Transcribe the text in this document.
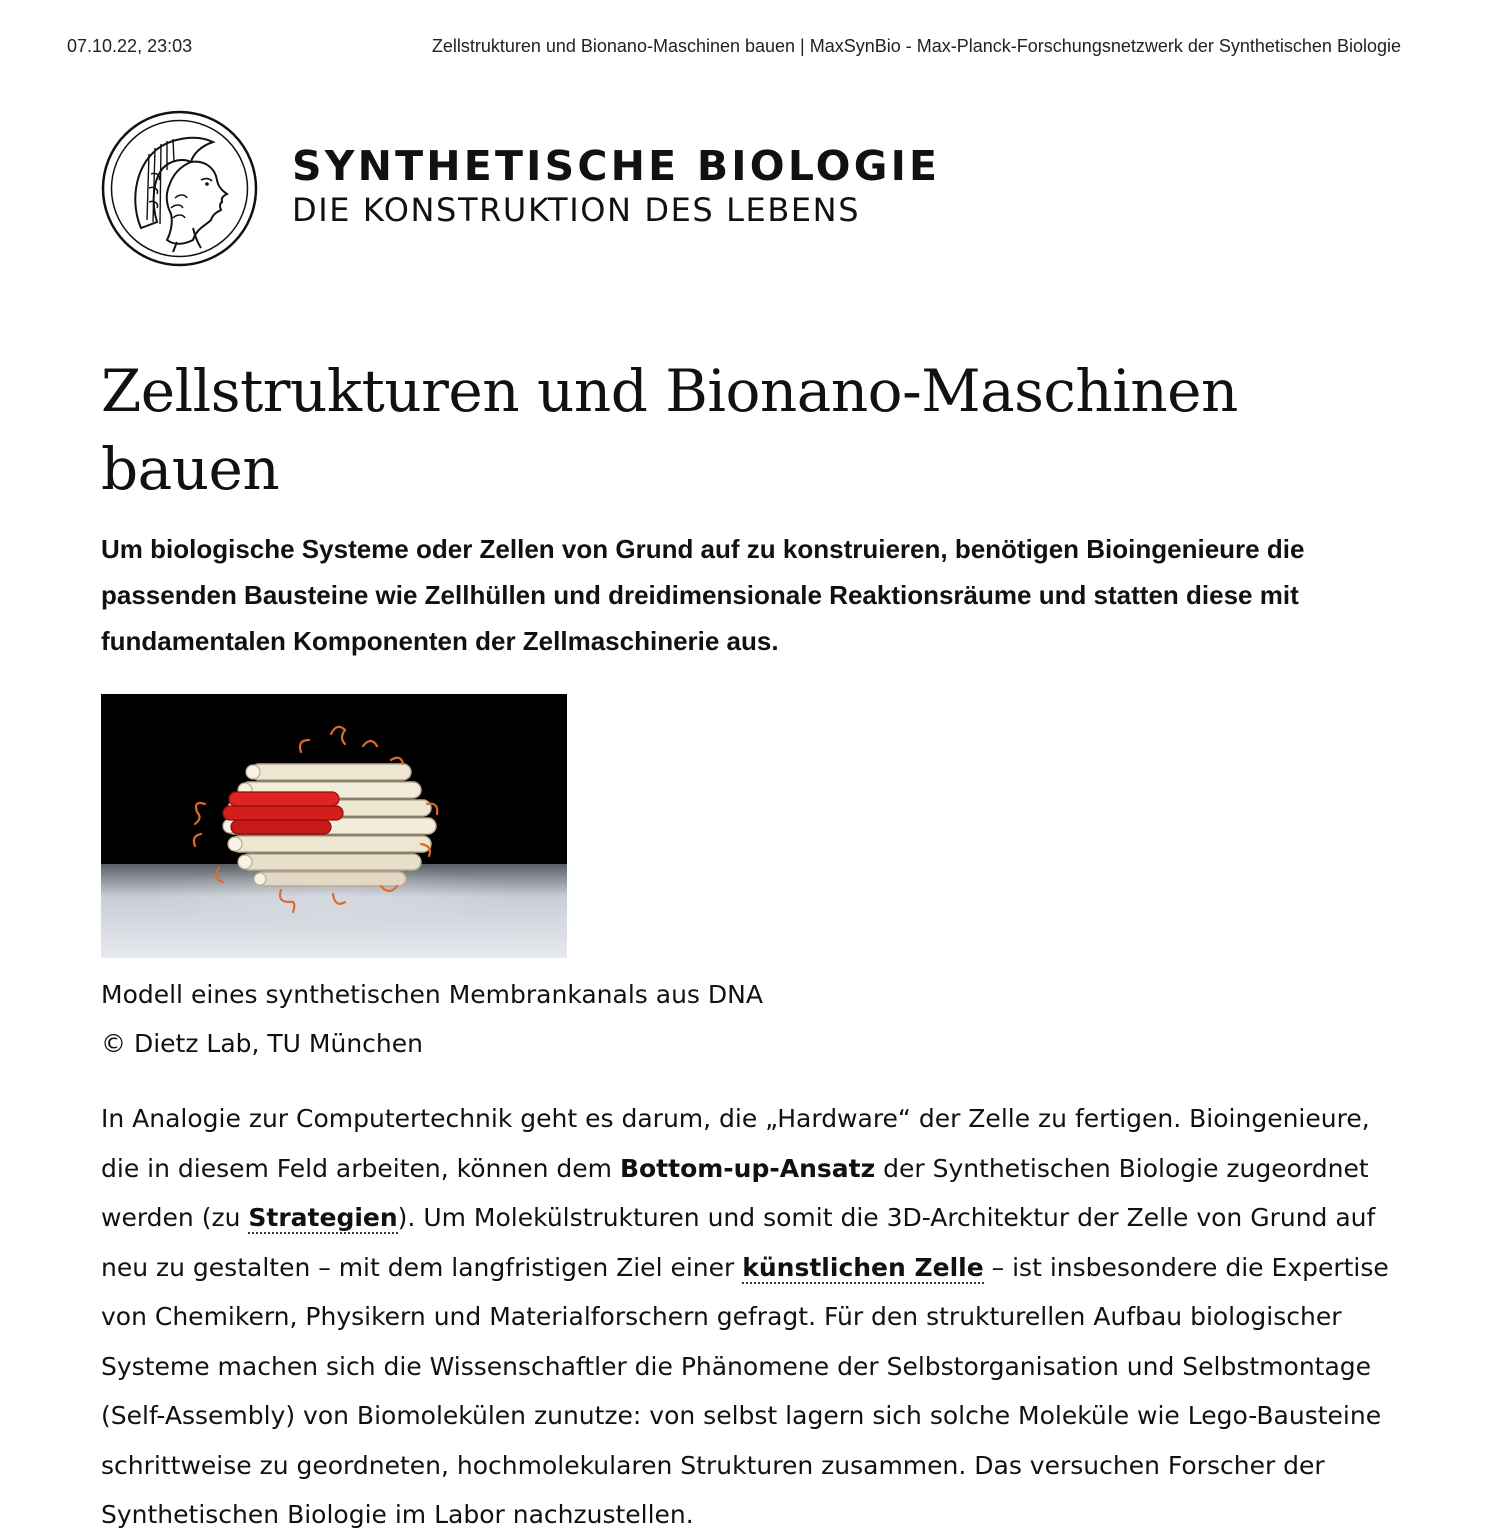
07.10.22, 23:03	Zellstrukturen und Bionano-Maschinen bauen | MaxSynBio - Max-Planck-Forschungsnetzwerk der Synthetischen Biologie
SYNTHETISCHE BIOLOGIE
DIE KONSTRUKTION DES LEBENS
Zellstrukturen und Bionano-Maschinen bauen

Um biologische Systeme oder Zellen von Grund auf zu konstruieren, benötigen Bioingenieure die passenden Bausteine wie Zellhüllen und dreidimensionale Reaktionsräume und statten diese mit fundamentalen Komponenten der Zellmaschinerie aus.

Modell eines synthetischen Membrankanals aus DNA
© Dietz Lab, TU München
In Analogie zur Computertechnik geht es darum, die „Hardware“ der Zelle zu fertigen. Bioingenieure, die in diesem Feld arbeiten, können dem Bottom-up-Ansatz der Synthetischen Biologie zugeordnet werden (zu Strategien). Um Molekülstrukturen und somit die 3D-Architektur der Zelle von Grund auf neu zu gestalten – mit dem langfristigen Ziel einer künstlichen Zelle – ist insbesondere die Expertise von Chemikern, Physikern und Materialforschern gefragt. Für den strukturellen Aufbau biologischer Systeme machen sich die Wissenschaftler die Phänomene der Selbstorganisation und Selbstmontage (Self-Assembly) von Biomolekülen zunutze: von selbst lagern sich solche Moleküle wie Lego-Bausteine schrittweise zu geordneten, hochmolekularen Strukturen zusammen. Das versuchen Forscher der Synthetischen Biologie im Labor nachzustellen.
